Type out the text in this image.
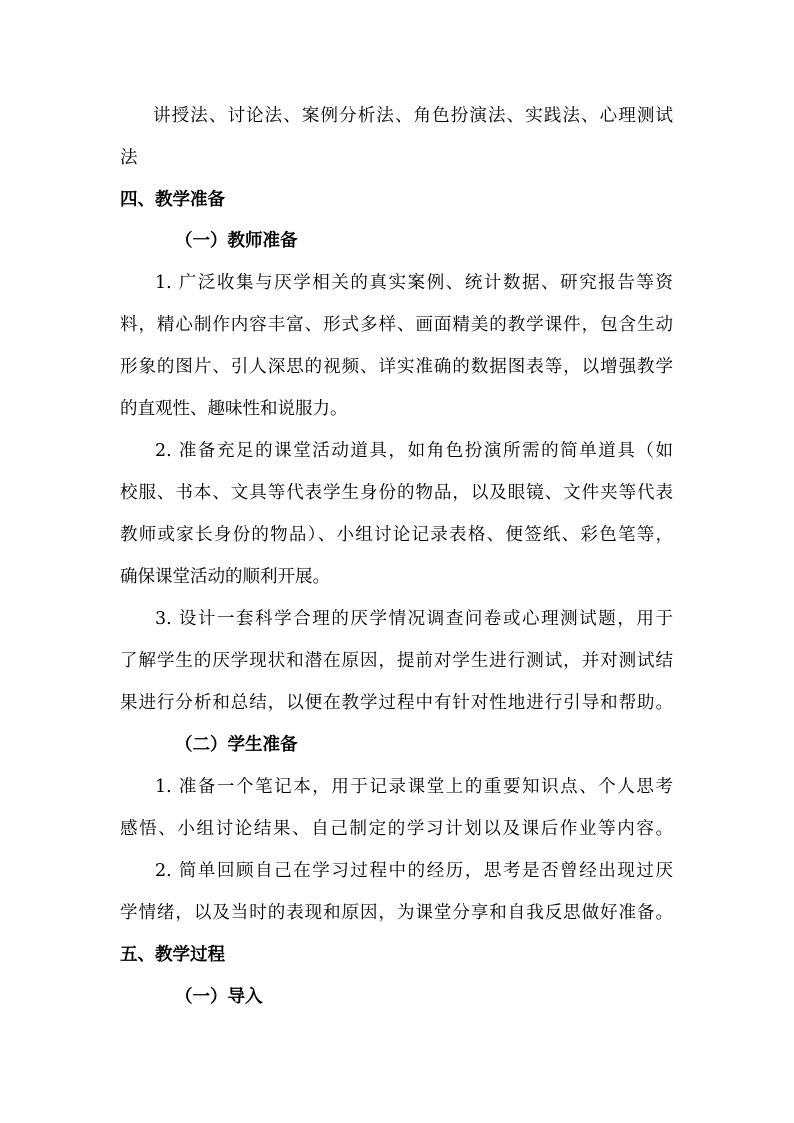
讲授法、讨论法、案例分析法、角色扮演法、实践法、心理测试
法
四、教学准备
（一）教师准备
1. 广泛收集与厌学相关的真实案例、统计数据、研究报告等资
料，精心制作内容丰富、形式多样、画面精美的教学课件，包含生动
形象的图片、引人深思的视频、详实准确的数据图表等，以增强教学
的直观性、趣味性和说服力。
2. 准备充足的课堂活动道具，如角色扮演所需的简单道具（如
校服、书本、文具等代表学生身份的物品，以及眼镜、文件夹等代表
教师或家长身份的物品）、小组讨论记录表格、便签纸、彩色笔等，
确保课堂活动的顺利开展。
3. 设计一套科学合理的厌学情况调查问卷或心理测试题，用于
了解学生的厌学现状和潜在原因，提前对学生进行测试，并对测试结
果进行分析和总结，以便在教学过程中有针对性地进行引导和帮助。
（二）学生准备
1. 准备一个笔记本，用于记录课堂上的重要知识点、个人思考
感悟、小组讨论结果、自己制定的学习计划以及课后作业等内容。
2. 简单回顾自己在学习过程中的经历，思考是否曾经出现过厌
学情绪，以及当时的表现和原因，为课堂分享和自我反思做好准备。
五、教学过程
（一）导入
